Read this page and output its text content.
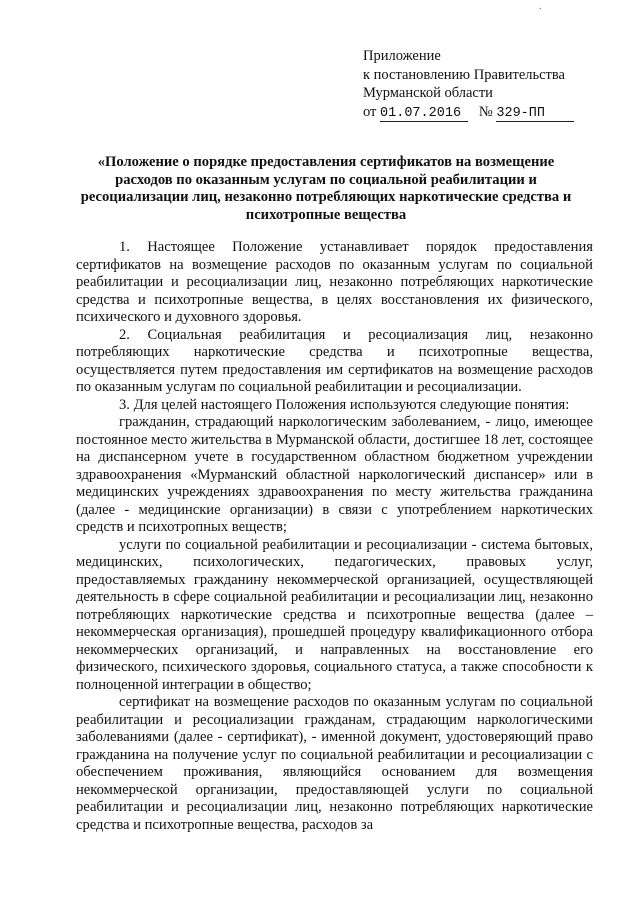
·
Приложение
к постановлению Правительства
Мурманской области
от 01.07.2016 № 329-ПП
«Положение о порядке предоставления сертификатов на возмещение расходов по оказанным услугам по социальной реабилитации и ресоциализации лиц, незаконно потребляющих наркотические средства и психотропные вещества

1. Настоящее Положение устанавливает порядок предоставления сертификатов на возмещение расходов по оказанным услугам по социальной реабилитации и ресоциализации лиц, незаконно потребляющих наркотические средства и психотропные вещества, в целях восстановления их физического, психического и духовного здоровья.

2. Социальная реабилитация и ресоциализация лиц, незаконно потребляющих наркотические средства и психотропные вещества, осуществляется путем предоставления им сертификатов на возмещение расходов по оказанным услугам по социальной реабилитации и ресоциализации.

3. Для целей настоящего Положения используются следующие понятия:

гражданин, страдающий наркологическим заболеванием, - лицо, имеющее постоянное место жительства в Мурманской области, достигшее 18 лет, состоящее на диспансерном учете в государственном областном бюджетном учреждении здравоохранения «Мурманский областной наркологический диспансер» или в медицинских учреждениях здравоохранения по месту жительства гражданина (далее - медицинские организации) в связи с употреблением наркотических средств и психотропных веществ;

услуги по социальной реабилитации и ресоциализации - система бытовых, медицинских, психологических, педагогических, правовых услуг, предоставляемых гражданину некоммерческой организацией, осуществляющей деятельность в сфере социальной реабилитации и ресоциализации лиц, незаконно потребляющих наркотические средства и психотропные вещества (далее – некоммерческая организация), прошедшей процедуру квалификационного отбора некоммерческих организаций, и направленных на восстановление его физического, психического здоровья, социального статуса, а также способности к полноценной интеграции в общество;

сертификат на возмещение расходов по оказанным услугам по социальной реабилитации и ресоциализации гражданам, страдающим наркологическими заболеваниями (далее - сертификат), - именной документ, удостоверяющий право гражданина на получение услуг по социальной реабилитации и ресоциализации с обеспечением проживания, являющийся основанием для возмещения некоммерческой организации, предоставляющей услуги по социальной реабилитации и ресоциализации лиц, незаконно потребляющих наркотические средства и психотропные вещества, расходов за
